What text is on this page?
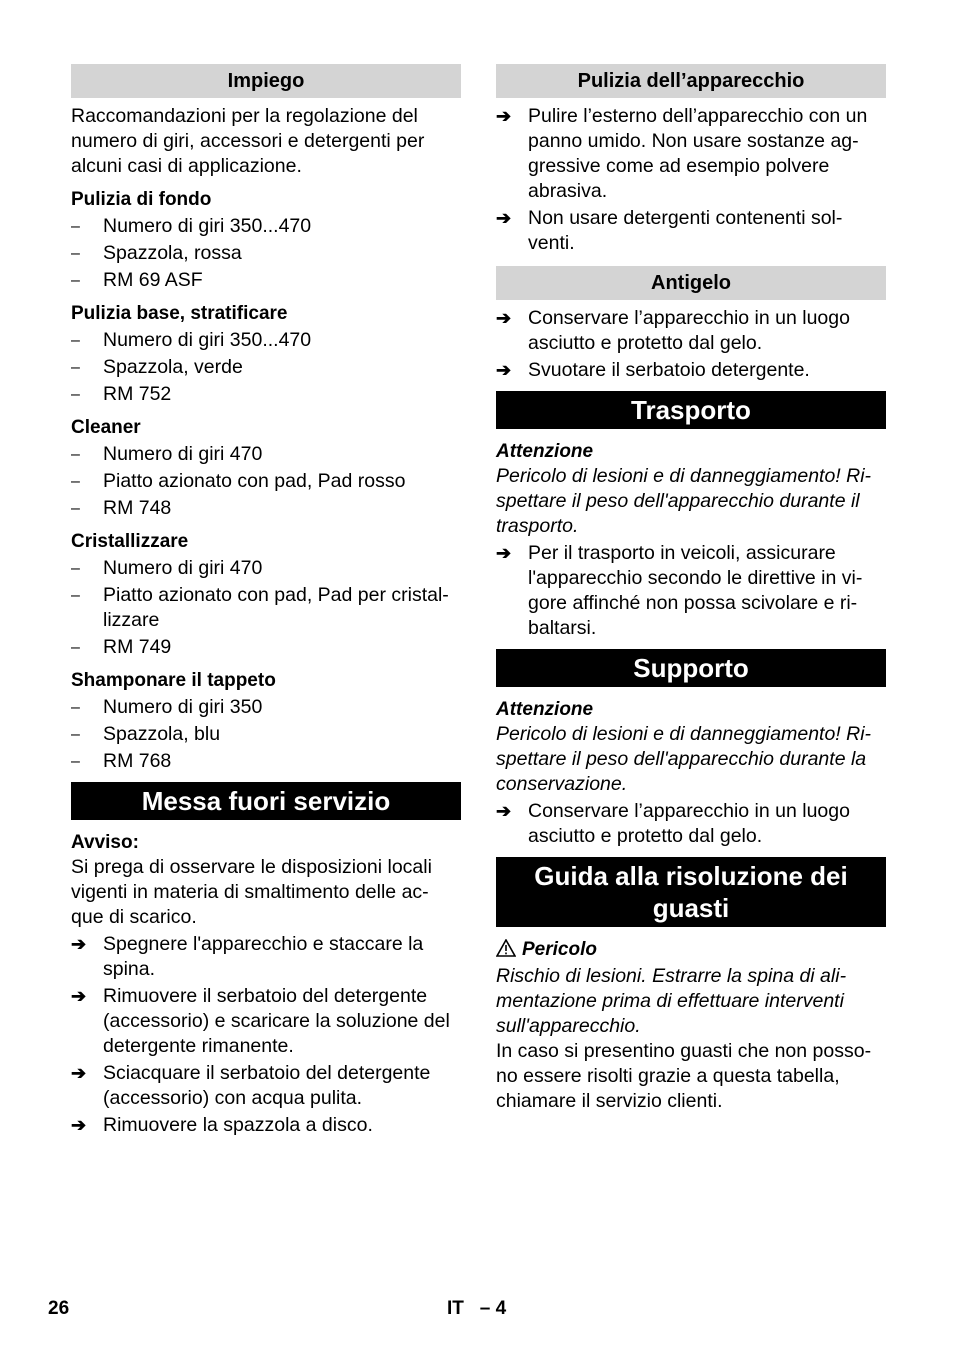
Impiego

Raccomandazioni per la regolazione del numero di giri, accessori e detergenti per alcuni casi di applicazione.

Pulizia di fondo
– Numero di giri 350...470
– Spazzola, rossa
– RM 69 ASF
Pulizia base, stratificare
– Numero di giri 350...470
– Spazzola, verde
– RM 752
Cleaner
– Numero di giri 470
– Piatto azionato con pad, Pad rosso
– RM 748
Cristallizzare
– Numero di giri 470
– Piatto azionato con pad, Pad per cristal-lizzare
– RM 749
Shamponare il tappeto
– Numero di giri 350
– Spazzola, blu
– RM 768
Messa fuori servizio
Avviso:

Si prega di osservare le disposizioni locali vigenti in materia di smaltimento delle ac-que di scarico.

➔ Spegnere l'apparecchio e staccare la spina.
➔ Rimuovere il serbatoio del detergente (accessorio) e scaricare la soluzione del detergente rimanente.
➔ Sciacquare il serbatoio del detergente (accessorio) con acqua pulita.
➔ Rimuovere la spazzola a disco.
Pulizia dell’apparecchio
➔ Pulire l’esterno dell’apparecchio con un panno umido. Non usare sostanze ag-gressive come ad esempio polvere abrasiva.
➔ Non usare detergenti contenenti sol-venti.
Antigelo
➔ Conservare l’apparecchio in un luogo asciutto e protetto dal gelo.
➔ Svuotare il serbatoio detergente.
Trasporto
Attenzione

Pericolo di lesioni e di danneggiamento! Ri-spettare il peso dell'apparecchio durante il trasporto.

➔ Per il trasporto in veicoli, assicurare l'apparecchio secondo le direttive in vi-gore affinché non possa scivolare e ri-baltarsi.
Supporto
Attenzione

Pericolo di lesioni e di danneggiamento! Ri-spettare il peso dell'apparecchio durante la conservazione.

➔ Conservare l’apparecchio in un luogo asciutto e protetto dal gelo.
Guida alla risoluzione dei guasti
Pericolo

Rischio di lesioni. Estrarre la spina di ali-mentazione prima di effettuare interventi sull'apparecchio.

In caso si presentino guasti che non posso-no essere risolti grazie a questa tabella, chiamare il servizio clienti.

26	IT   – 4
